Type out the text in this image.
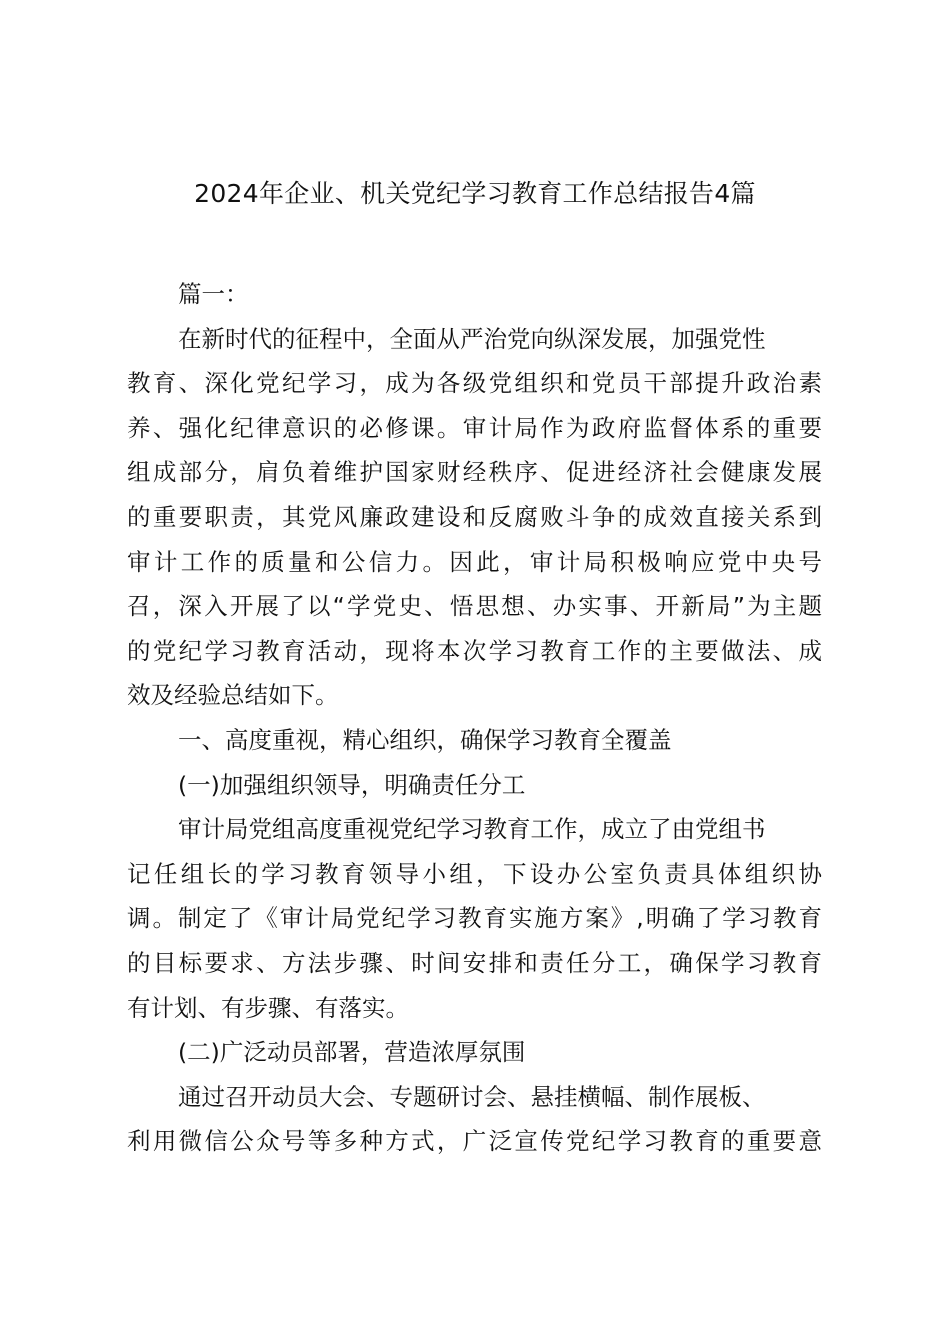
2024年企业、机关党纪学习教育工作总结报告4篇
篇一：
在新时代的征程中，全面从严治党向纵深发展，加强党性
教育、深化党纪学习，成为各级党组织和党员干部提升政治素
养、强化纪律意识的必修课。审计局作为政府监督体系的重要
组成部分，肩负着维护国家财经秩序、促进经济社会健康发展
的重要职责，其党风廉政建设和反腐败斗争的成效直接关系到
审计工作的质量和公信力。因此，审计局积极响应党中央号
召，深入开展了以“学党史、悟思想、办实事、开新局”为主题
的党纪学习教育活动，现将本次学习教育工作的主要做法、成
效及经验总结如下。
一、高度重视，精心组织，确保学习教育全覆盖
(一)加强组织领导，明确责任分工
审计局党组高度重视党纪学习教育工作，成立了由党组书
记任组长的学习教育领导小组，下设办公室负责具体组织协
调。制定了《审计局党纪学习教育实施方案》,明确了学习教育
的目标要求、方法步骤、时间安排和责任分工，确保学习教育
有计划、有步骤、有落实。
(二)广泛动员部署，营造浓厚氛围
通过召开动员大会、专题研讨会、悬挂横幅、制作展板、
利用微信公众号等多种方式，广泛宣传党纪学习教育的重要意
